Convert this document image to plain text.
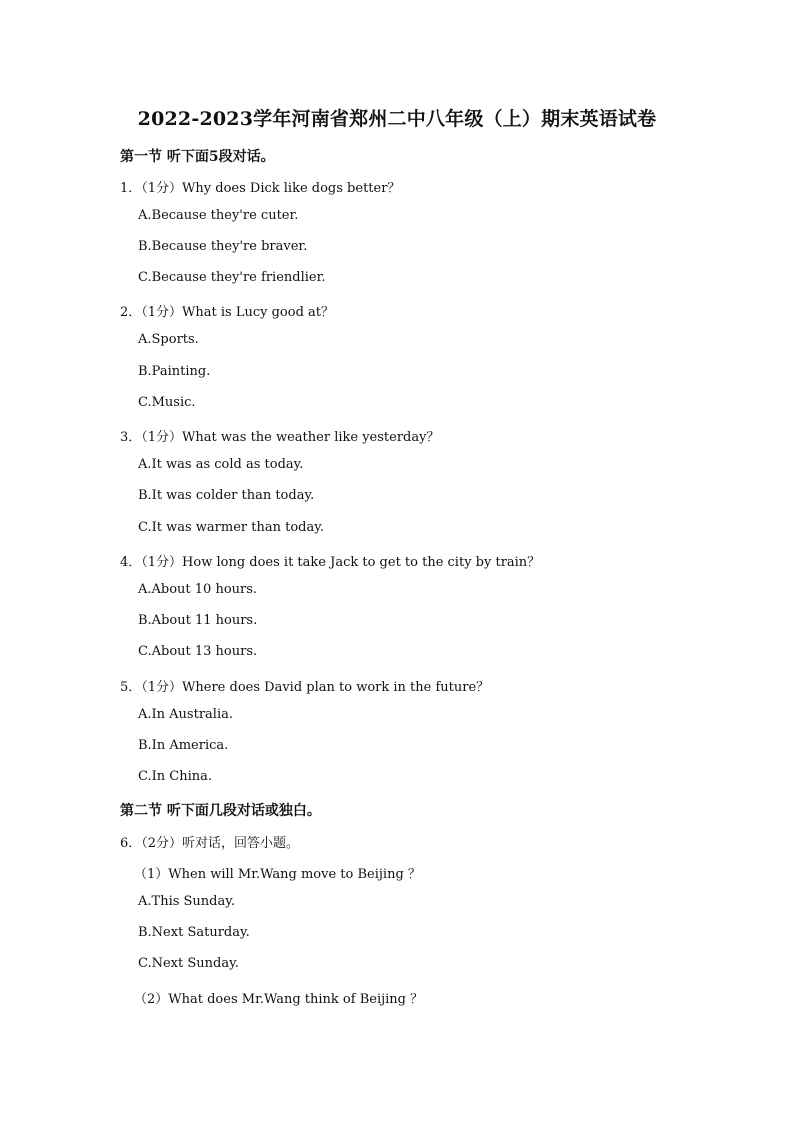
2022-2023学年河南省郑州二中八年级（上）期末英语试卷
第一节 听下面5段对话。
1．（1分）Why does Dick like dogs better？
A.Because they're cuter.
B.Because they're braver.
C.Because they're friendlier.
2．（1分）What is Lucy good at？
A.Sports.
B.Painting.
C.Music.
3．（1分）What was the weather like yesterday？
A.It was as cold as today.
B.It was colder than today.
C.It was warmer than today.
4．（1分）How long does it take Jack to get to the city by train？
A.About 10 hours.
B.About 11 hours.
C.About 13 hours.
5．（1分）Where does David plan to work in the future？
A.In Australia.
B.In America.
C.In China.
第二节 听下面几段对话或独白。
6．（2分）听对话，回答小题。
（1）When will Mr.Wang move to Beijing ？
A.This Sunday.
B.Next Saturday.
C.Next Sunday.
（2）What does Mr.Wang think of Beijing ？
